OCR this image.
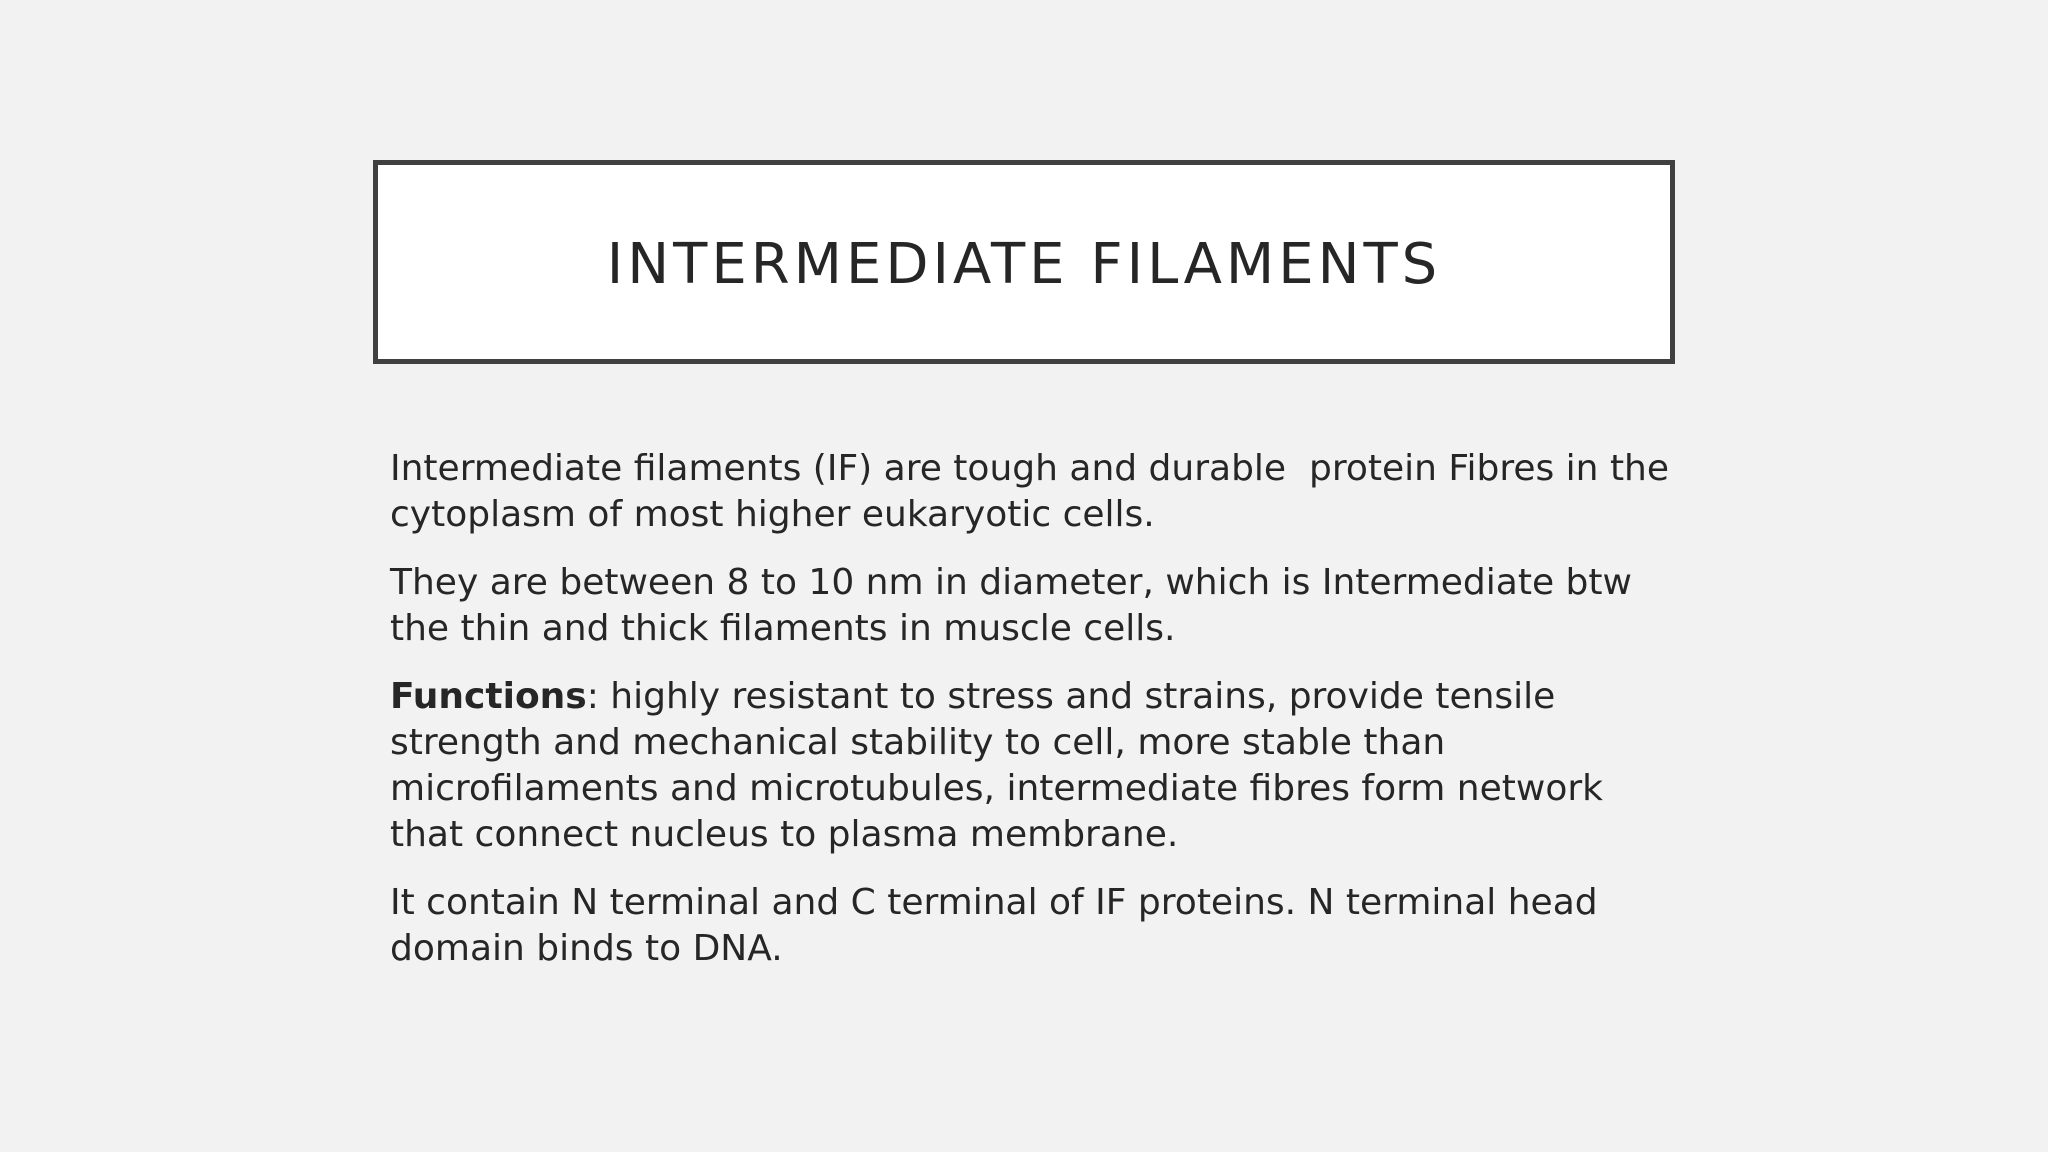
INTERMEDIATE FILAMENTS

Intermediate filaments (IF) are tough and durable  protein Fibres in the cytoplasm of most higher eukaryotic cells.

They are between 8 to 10 nm in diameter, which is Intermediate btw the thin and thick filaments in muscle cells.

Functions: highly resistant to stress and strains, provide tensile strength and mechanical stability to cell, more stable than microfilaments and microtubules, intermediate fibres form network that connect nucleus to plasma membrane.

It contain N terminal and C terminal of IF proteins. N terminal head domain binds to DNA.
